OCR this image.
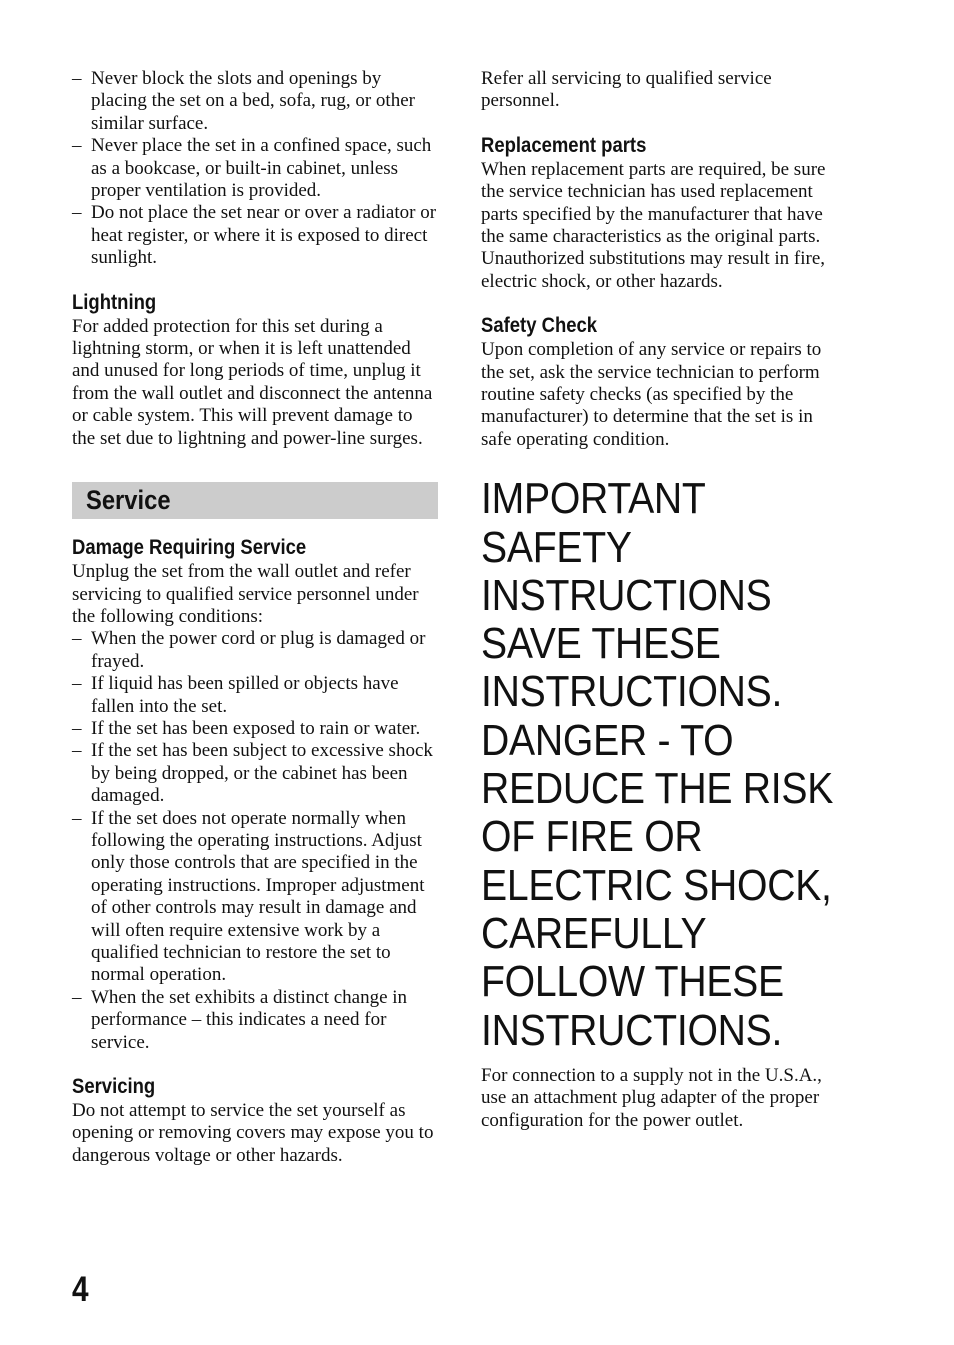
– Never block the slots and openings by placing the set on a bed, sofa, rug, or other similar surface.
– Never place the set in a confined space, such as a bookcase, or built-in cabinet, unless proper ventilation is provided.
– Do not place the set near or over a radiator or heat register, or where it is exposed to direct sunlight.
Lightning

For added protection for this set during a lightning storm, or when it is left unattended and unused for long periods of time, unplug it from the wall outlet and disconnect the antenna or cable system. This will prevent damage to the set due to lightning and power-line surges.

Service
Damage Requiring Service

Unplug the set from the wall outlet and refer servicing to qualified service personnel under the following conditions:

– When the power cord or plug is damaged or frayed.
– If liquid has been spilled or objects have fallen into the set.
– If the set has been exposed to rain or water.
– If the set has been subject to excessive shock by being dropped, or the cabinet has been damaged.
– If the set does not operate normally when following the operating instructions. Adjust only those controls that are specified in the operating instructions. Improper adjustment of other controls may result in damage and will often require extensive work by a qualified technician to restore the set to normal operation.
– When the set exhibits a distinct change in performance – this indicates a need for service.
Servicing

Do not attempt to service the set yourself as opening or removing covers may expose you to dangerous voltage or other hazards.

Refer all servicing to qualified service personnel.

Replacement parts

When replacement parts are required, be sure the service technician has used replacement parts specified by the manufacturer that have the same characteristics as the original parts. Unauthorized substitutions may result in fire, electric shock, or other hazards.

Safety Check

Upon completion of any service or repairs to the set, ask the service technician to perform routine safety checks (as specified by the manufacturer) to determine that the set is in safe operating condition.

IMPORTANT SAFETY INSTRUCTIONS SAVE THESE INSTRUCTIONS. DANGER - TO REDUCE THE RISK OF FIRE OR ELECTRIC SHOCK, CAREFULLY FOLLOW THESE INSTRUCTIONS.

For connection to a supply not in the U.S.A., use an attachment plug adapter of the proper configuration for the power outlet.

4
